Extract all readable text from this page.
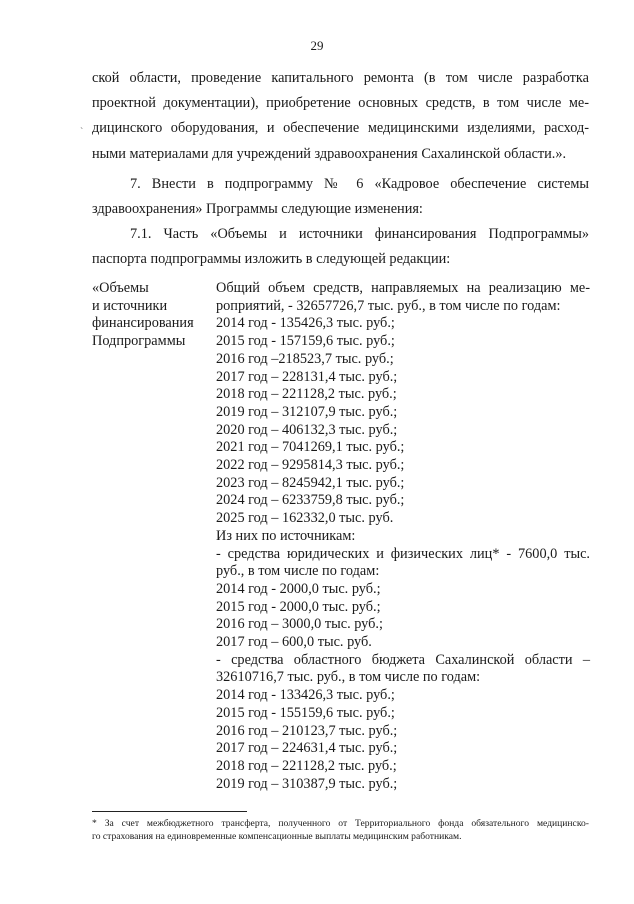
29
`

ской области, проведение капитального ремонта (в том числе разработка
проектной документации), приобретение основных средств, в том числе ме-
дицинского оборудования, и обеспечение медицинскими изделиями, расход-
ными материалами для учреждений здравоохранения Сахалинской области.».

7. Внести в подпрограмму № 6 «Кадровое обеспечение системы
здравоохранения» Программы следующие изменения:

7.1. Часть «Объемы и источники финансирования Подпрограммы»
паспорта подпрограммы изложить в следующей редакции:

«Объемы
и источники
финансирования
Подпрограммы
Общий объем средств, направляемых на реализацию ме-
роприятий, - 32657726,7 тыс. руб., в том числе по годам:
2014 год - 135426,3 тыс. руб.;
2015 год - 157159,6 тыс. руб.;
2016 год –218523,7 тыс. руб.;
2017 год – 228131,4 тыс. руб.;
2018 год – 221128,2 тыс. руб.;
2019 год – 312107,9 тыс. руб.;
2020 год – 406132,3 тыс. руб.;
2021 год – 7041269,1 тыс. руб.;
2022 год – 9295814,3 тыс. руб.;
2023 год – 8245942,1 тыс. руб.;
2024 год – 6233759,8 тыс. руб.;
2025 год – 162332,0 тыс. руб.
Из них по источникам:
- средства юридических и физических лиц* - 7600,0 тыс.
руб., в том числе по годам:
2014 год - 2000,0 тыс. руб.;
2015 год - 2000,0 тыс. руб.;
2016 год – 3000,0 тыс. руб.;
2017 год – 600,0 тыс. руб.
- средства областного бюджета Сахалинской области –
32610716,7 тыс. руб., в том числе по годам:
2014 год - 133426,3 тыс. руб.;
2015 год - 155159,6 тыс. руб.;
2016 год – 210123,7 тыс. руб.;
2017 год – 224631,4 тыс. руб.;
2018 год – 221128,2 тыс. руб.;
2019 год – 310387,9 тыс. руб.;
* За счет межбюджетного трансферта, полученного от Территориального фонда обязательного медицинско-
го страхования на единовременные компенсационные выплаты медицинским работникам.
